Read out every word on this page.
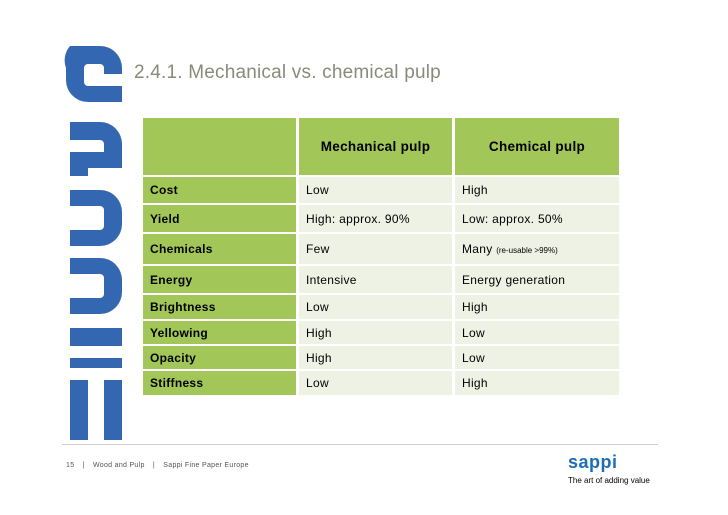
2.4.1. Mechanical vs. chemical pulp
	Mechanical pulp	Chemical pulp
Cost	Low	High
Yield	High: approx. 90%	Low: approx. 50%
Chemicals	Few	Many (re-usable >99%)
Energy	Intensive	Energy generation
Brightness	Low	High
Yellowing	High	Low
Opacity	High	Low
Stiffness	Low	High
15 | Wood and Pulp | Sappi Fine Paper Europe	sappi
The art of adding value
